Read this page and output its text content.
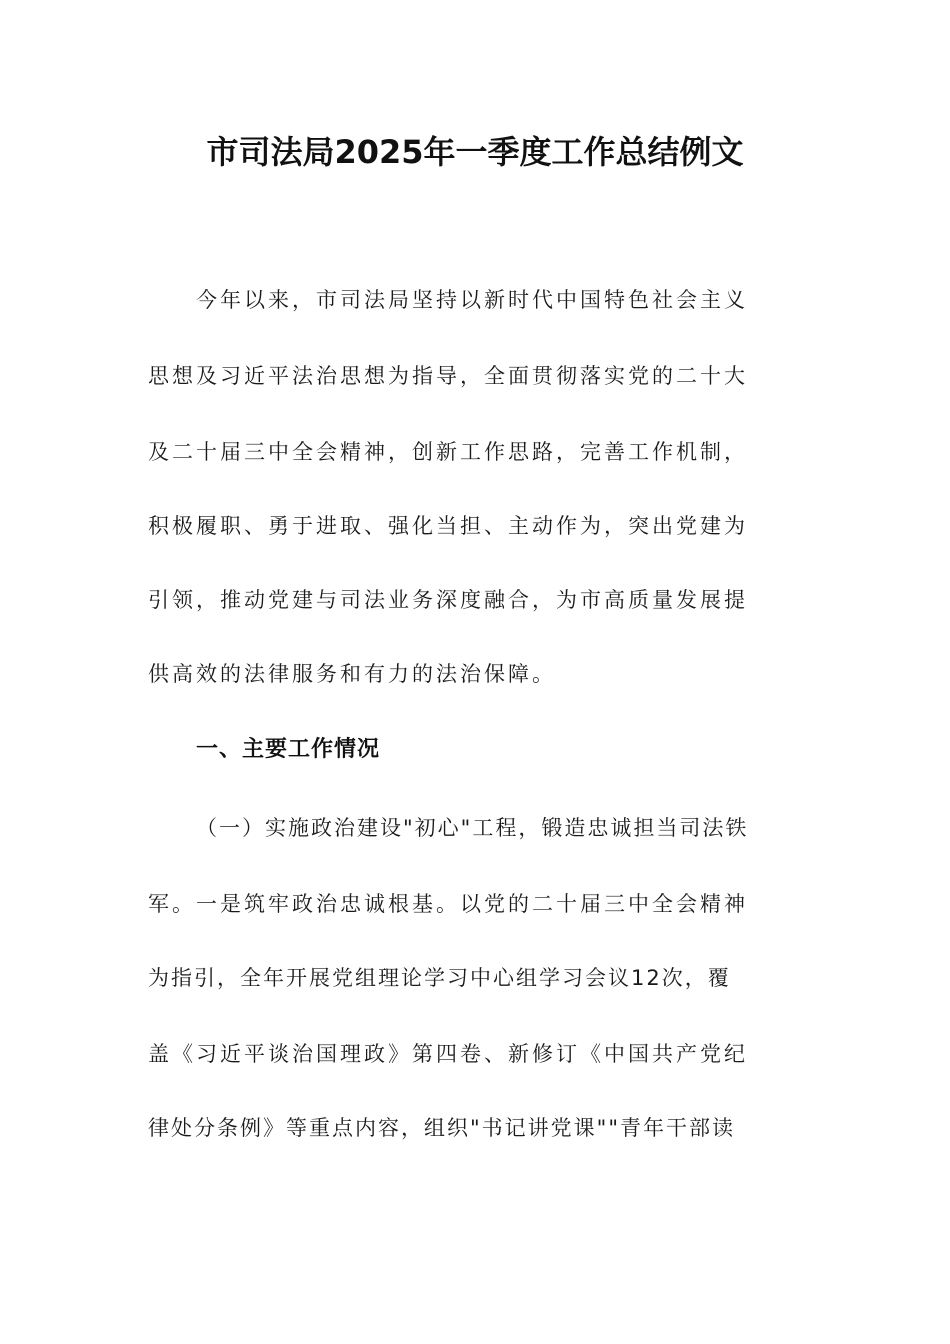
市司法局2025年一季度工作总结例文
今年以来，市司法局坚持以新时代中国特色社会主义
思想及习近平法治思想为指导，全面贯彻落实党的二十大
及二十届三中全会精神，创新工作思路，完善工作机制，
积极履职、勇于进取、强化当担、主动作为，突出党建为
引领，推动党建与司法业务深度融合，为市高质量发展提
供高效的法律服务和有力的法治保障。
一、主要工作情况
（一）实施政治建设"初心"工程，锻造忠诚担当司法铁
军。一是筑牢政治忠诚根基。以党的二十届三中全会精神
为指引，全年开展党组理论学习中心组学习会议12次，覆
盖《习近平谈治国理政》第四卷、新修订《中国共产党纪
律处分条例》等重点内容，组织"书记讲党课""青年干部读
